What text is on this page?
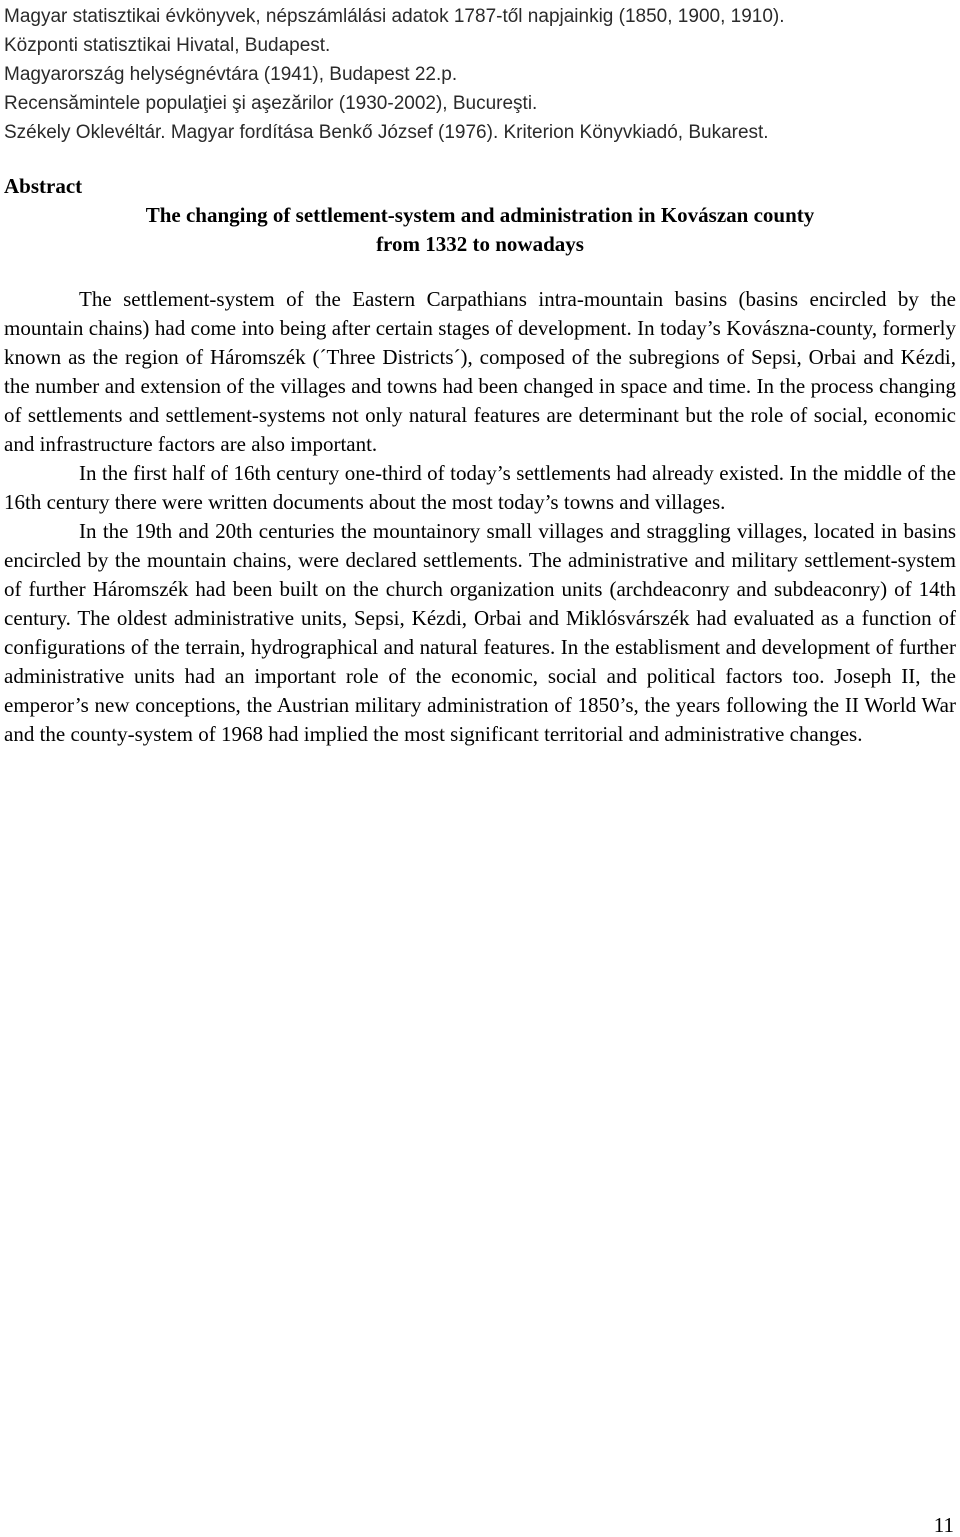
Magyar statisztikai évkönyvek, népszámlálási adatok 1787-től napjainkig (1850, 1900, 1910).
Központi statisztikai Hivatal, Budapest.
Magyarország helységnévtára (1941), Budapest 22.p.
Recensămintele populaţiei şi aşezărilor (1930-2002), Bucureşti.
Székely Oklevéltár. Magyar fordítása Benkő József (1976). Kriterion Könyvkiadó, Bukarest.
Abstract
The changing of settlement-system and administration in Kovászan county
from 1332 to nowadays

The settlement-system of the Eastern Carpathians intra-mountain basins (basins encircled by the mountain chains) had come into being after certain stages of development. In today’s Kovászna-county, formerly known as the region of Háromszék (´Three Districts´), composed of the subregions of Sepsi, Orbai and Kézdi, the number and extension of the villages and towns had been changed in space and time. In the process changing of settlements and settlement-systems not only natural features are determinant but the role of social, economic and infrastructure factors are also important.

In the first half of 16th century one-third of today’s settlements had already existed. In the middle of the 16th century there were written documents about the most today’s towns and villages.

In the 19th and 20th centuries the mountainory small villages and straggling villages, located in basins encircled by the mountain chains, were declared settlements. The administrative and military settlement-system of further Háromszék had been built on the church organization units (archdeaconry and subdeaconry) of 14th century. The oldest administrative units, Sepsi, Kézdi, Orbai and Miklósvárszék had evaluated as a function of configurations of the terrain, hydrographical and natural features. In the establisment and development of further administrative units had an important role of the economic, social and political factors too. Joseph II, the emperor’s new conceptions, the Austrian military administration of 1850’s, the years following the II World War and the county-system of 1968 had implied the most significant territorial and administrative changes.

11
